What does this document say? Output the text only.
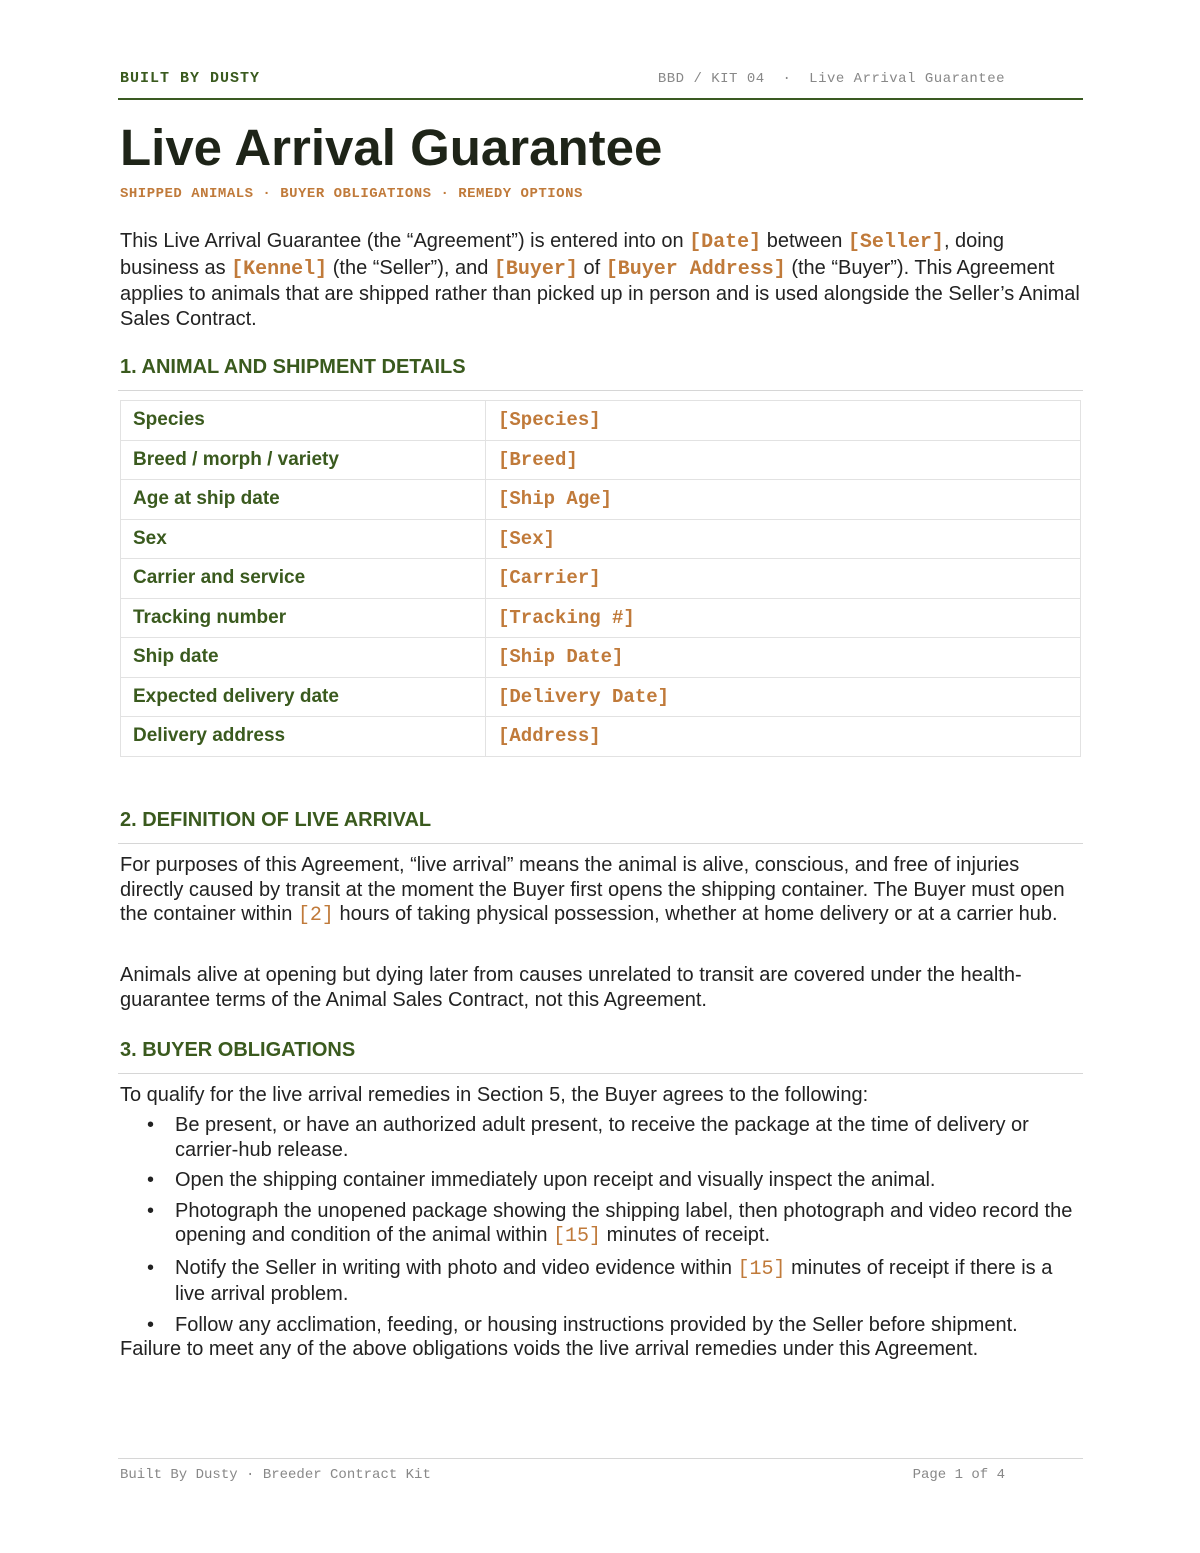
BUILT BY DUSTY	BBD / KIT 04  ·  Live Arrival Guarantee
Live Arrival Guarantee
SHIPPED ANIMALS · BUYER OBLIGATIONS · REMEDY OPTIONS

This Live Arrival Guarantee (the “Agreement”) is entered into on [Date] between [Seller], doing business as [Kennel] (the “Seller”), and [Buyer] of [Buyer Address] (the “Buyer”). This Agreement applies to animals that are shipped rather than picked up in person and is used alongside the Seller’s Animal Sales Contract.

1. ANIMAL AND SHIPMENT DETAILS
Species	[Species]
Breed / morph / variety	[Breed]
Age at ship date	[Ship Age]
Sex	[Sex]
Carrier and service	[Carrier]
Tracking number	[Tracking #]
Ship date	[Ship Date]
Expected delivery date	[Delivery Date]
Delivery address	[Address]
2. DEFINITION OF LIVE ARRIVAL

For purposes of this Agreement, “live arrival” means the animal is alive, conscious, and free of injuries directly caused by transit at the moment the Buyer first opens the shipping container. The Buyer must open the container within [2] hours of taking physical possession, whether at home delivery or at a carrier hub.

Animals alive at opening but dying later from causes unrelated to transit are covered under the health-guarantee terms of the Animal Sales Contract, not this Agreement.

3. BUYER OBLIGATIONS

To qualify for the live arrival remedies in Section 5, the Buyer agrees to the following:

• Be present, or have an authorized adult present, to receive the package at the time of delivery or carrier-hub release.
• Open the shipping container immediately upon receipt and visually inspect the animal.
• Photograph the unopened package showing the shipping label, then photograph and video record the opening and condition of the animal within [15] minutes of receipt.
• Notify the Seller in writing with photo and video evidence within [15] minutes of receipt if there is a live arrival problem.
• Follow any acclimation, feeding, or housing instructions provided by the Seller before shipment.

Failure to meet any of the above obligations voids the live arrival remedies under this Agreement.

Built By Dusty · Breeder Contract Kit	Page 1 of 4
